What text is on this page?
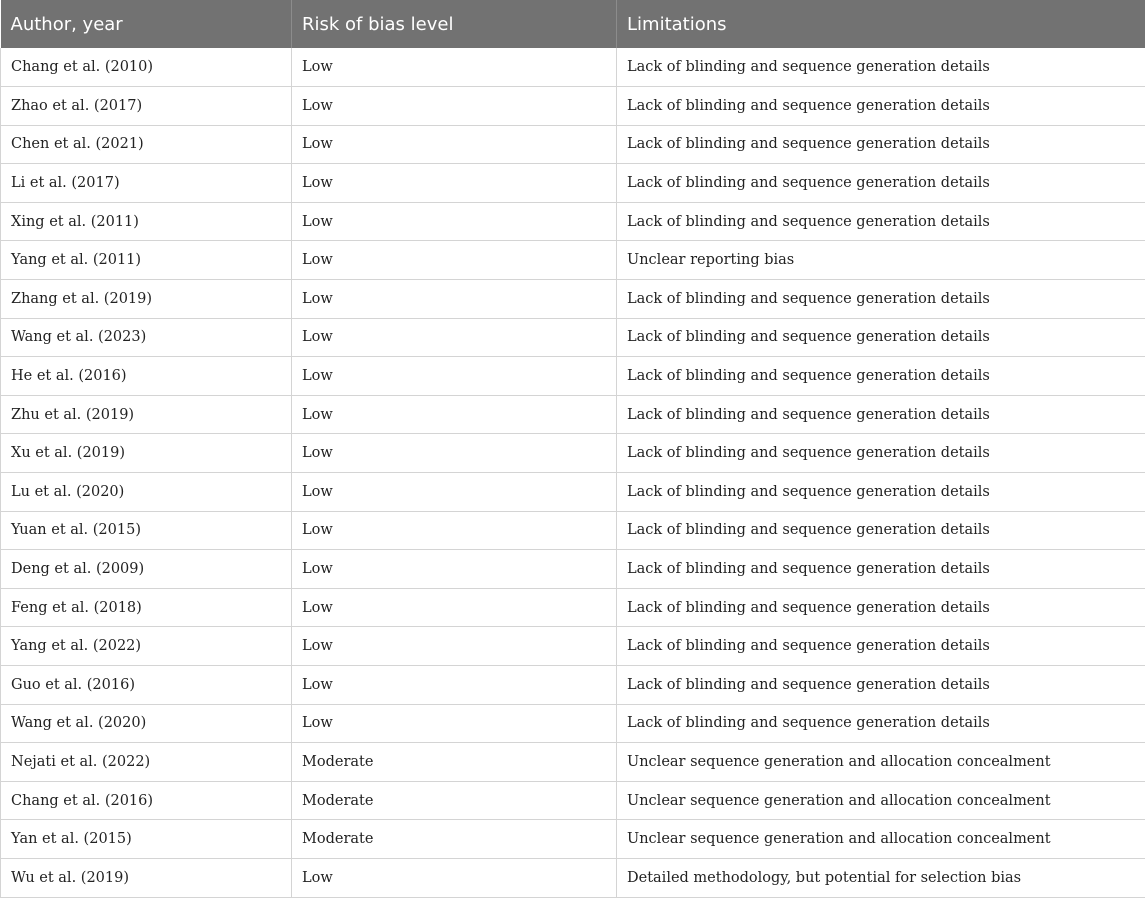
Author, year	Risk of bias level	Limitations
Chang et al. (2010)	Low	Lack of blinding and sequence generation details
Zhao et al. (2017)	Low	Lack of blinding and sequence generation details
Chen et al. (2021)	Low	Lack of blinding and sequence generation details
Li et al. (2017)	Low	Lack of blinding and sequence generation details
Xing et al. (2011)	Low	Lack of blinding and sequence generation details
Yang et al. (2011)	Low	Unclear reporting bias
Zhang et al. (2019)	Low	Lack of blinding and sequence generation details
Wang et al. (2023)	Low	Lack of blinding and sequence generation details
He et al. (2016)	Low	Lack of blinding and sequence generation details
Zhu et al. (2019)	Low	Lack of blinding and sequence generation details
Xu et al. (2019)	Low	Lack of blinding and sequence generation details
Lu et al. (2020)	Low	Lack of blinding and sequence generation details
Yuan et al. (2015)	Low	Lack of blinding and sequence generation details
Deng et al. (2009)	Low	Lack of blinding and sequence generation details
Feng et al. (2018)	Low	Lack of blinding and sequence generation details
Yang et al. (2022)	Low	Lack of blinding and sequence generation details
Guo et al. (2016)	Low	Lack of blinding and sequence generation details
Wang et al. (2020)	Low	Lack of blinding and sequence generation details
Nejati et al. (2022)	Moderate	Unclear sequence generation and allocation concealment
Chang et al. (2016)	Moderate	Unclear sequence generation and allocation concealment
Yan et al. (2015)	Moderate	Unclear sequence generation and allocation concealment
Wu et al. (2019)	Low	Detailed methodology, but potential for selection bias
